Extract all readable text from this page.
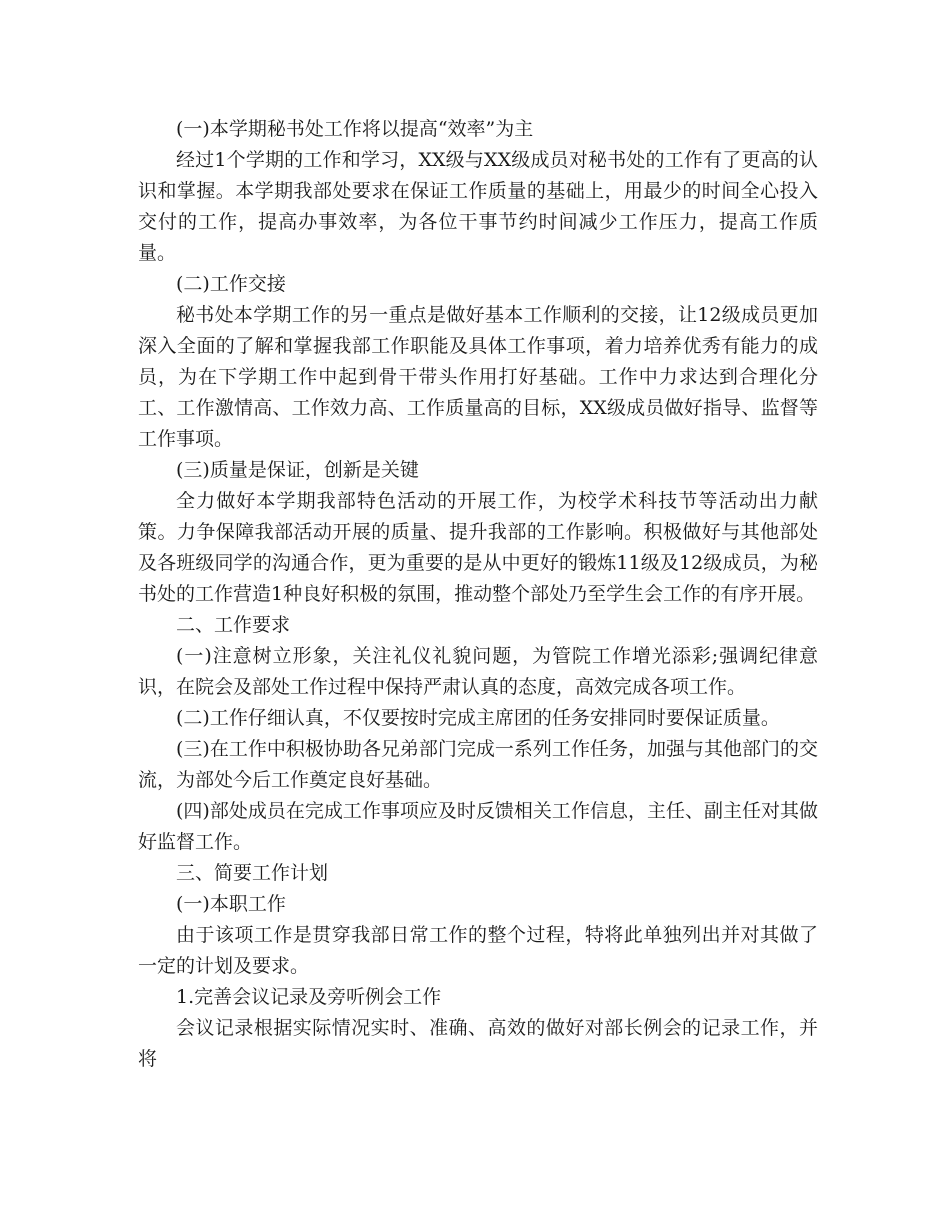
(一)本学期秘书处工作将以提高“效率”为主

经过1个学期的工作和学习，XX级与XX级成员对秘书处的工作有了更高的认识和掌握。本学期我部处要求在保证工作质量的基础上，用最少的时间全心投入交付的工作，提高办事效率，为各位干事节约时间减少工作压力，提高工作质量。

(二)工作交接

秘书处本学期工作的另一重点是做好基本工作顺利的交接，让12级成员更加深入全面的了解和掌握我部工作职能及具体工作事项，着力培养优秀有能力的成员，为在下学期工作中起到骨干带头作用打好基础。工作中力求达到合理化分工、工作激情高、工作效力高、工作质量高的目标，XX级成员做好指导、监督等工作事项。

(三)质量是保证，创新是关键

全力做好本学期我部特色活动的开展工作，为校学术科技节等活动出力献策。力争保障我部活动开展的质量、提升我部的工作影响。积极做好与其他部处及各班级同学的沟通合作，更为重要的是从中更好的锻炼11级及12级成员，为秘书处的工作营造1种良好积极的氛围，推动整个部处乃至学生会工作的有序开展。

二、工作要求

(一)注意树立形象，关注礼仪礼貌问题，为管院工作增光添彩;强调纪律意识，在院会及部处工作过程中保持严肃认真的态度，高效完成各项工作。

(二)工作仔细认真，不仅要按时完成主席团的任务安排同时要保证质量。

(三)在工作中积极协助各兄弟部门完成一系列工作任务，加强与其他部门的交流，为部处今后工作奠定良好基础。

(四)部处成员在完成工作事项应及时反馈相关工作信息，主任、副主任对其做好监督工作。

三、简要工作计划

(一)本职工作

由于该项工作是贯穿我部日常工作的整个过程，特将此单独列出并对其做了一定的计划及要求。

1.完善会议记录及旁听例会工作

会议记录根据实际情况实时、准确、高效的做好对部长例会的记录工作，并将
